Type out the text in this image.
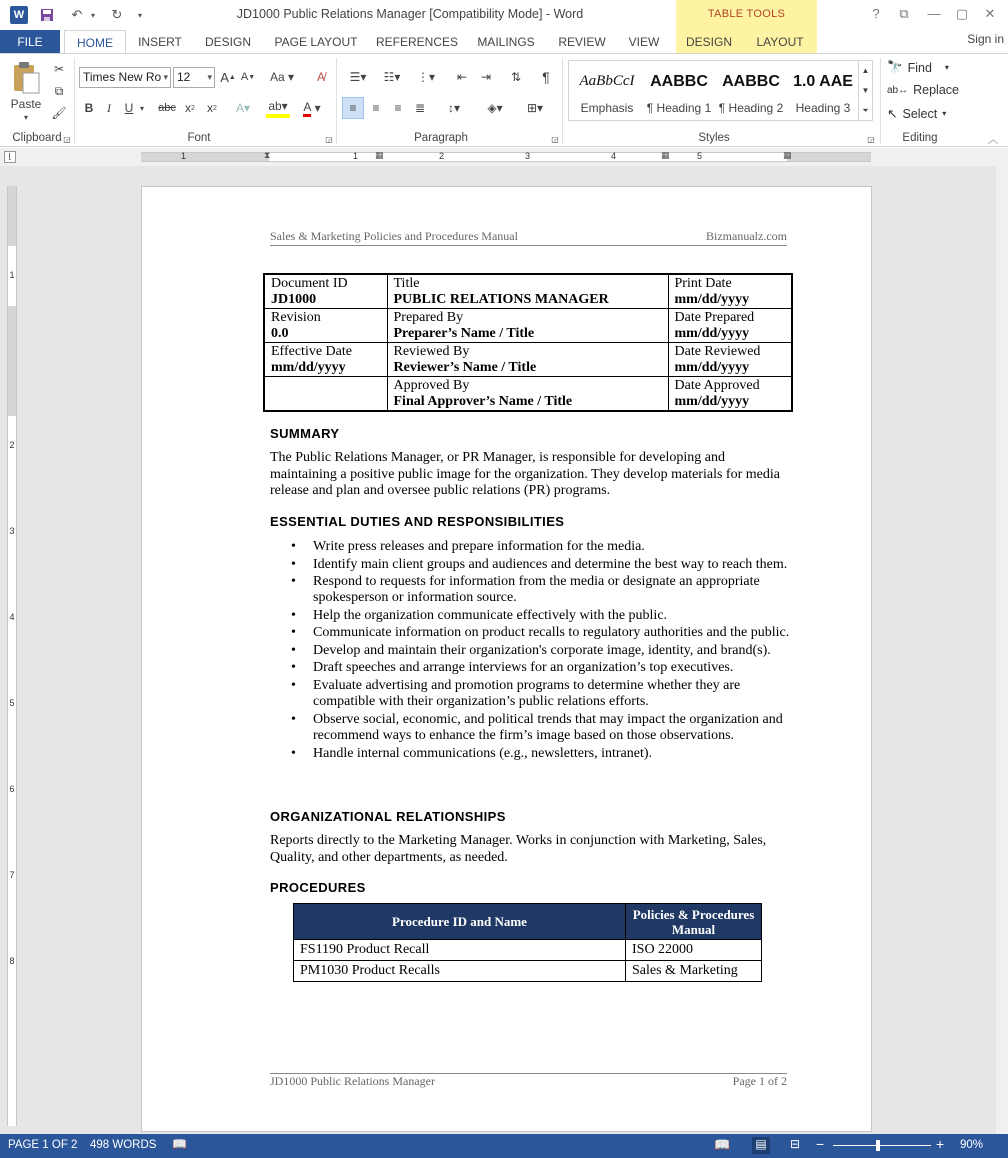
W	↶	▾ ↻	▾	JD1000 Public Relations Manager [Compatibility Mode] - Word	TABLE TOOLS	?	⧉	—	▢	✕
FILE	HOME	INSERT	DESIGN	PAGE LAYOUT	REFERENCES	MAILINGS	REVIEW	VIEW	DESIGN	LAYOUT	Sign in
Paste
▾
✂
⧉
🖌
Clipboard ◲
Times New Ro ▾ 12 ▾ A ▲ A ▼ Aa ▾	A̸
B	I	U ▾ abc x 2 x 2	A▾	ab▾ A ▾
Font	◲
☰▾	☷▾	⋮▾	⇤	⇥	⇅	¶
≡	≡	≡	≣	↕▾	◈▾	⊞▾
Paragraph	◲
AaBbCcI
Emphasis
AABBC
¶ Heading 1
AABBC
¶ Heading 2
1.0 AAE
Heading 3
▲
▼
⏷
Styles	◲
🔭 Find ▾
ab↔ Replace
↖ Select ▾
Editing	︿
⌊	1	1	2	3	4	5
⧗	▦	▦	▦
1
2
3
4
5
6
7
8
Sales & Marketing Policies and Procedures Manual	Bizmanualz.com
Document ID
JD1000	Title
PUBLIC RELATIONS MANAGER	Print Date
mm/dd/yyyy

Revision
0.0	Prepared By
Preparer’s Name / Title	Date Prepared
mm/dd/yyyy

Effective Date
mm/dd/yyyy	Reviewed By
Reviewer’s Name / Title	Date Reviewed
mm/dd/yyyy

	Approved By
Final Approver’s Name / Title	Date Approved
mm/dd/yyyy
SUMMARY
The Public Relations Manager, or PR Manager, is responsible for developing and maintaining a positive public image for the organization. They develop materials for media release and plan and oversee public relations (PR) programs.
ESSENTIAL DUTIES AND RESPONSIBILITIES
• Write press releases and prepare information for the media.
• Identify main client groups and audiences and determine the best way to reach them.
• Respond to requests for information from the media or designate an appropriate spokesperson or information source.
• Help the organization communicate effectively with the public.
• Communicate information on product recalls to regulatory authorities and the public.
• Develop and maintain their organization's corporate image, identity, and brand(s).
• Draft speeches and arrange interviews for an organization’s top executives.
• Evaluate advertising and promotion programs to determine whether they are compatible with their organization’s public relations efforts.
• Observe social, economic, and political trends that may impact the organization and recommend ways to enhance the firm’s image based on those observations.
• Handle internal communications (e.g., newsletters, intranet).
ORGANIZATIONAL RELATIONSHIPS
Reports directly to the Marketing Manager. Works in conjunction with Marketing, Sales, Quality, and other departments, as needed.
PROCEDURES
Procedure ID and Name	Policies & Procedures Manual
FS1190 Product Recall	ISO 22000
PM1030 Product Recalls	Sales & Marketing
JD1000 Public Relations Manager	Page 1 of 2
PAGE 1 OF 2 498 WORDS 📖	📖 ▤ ⊟ −	+ 90%
